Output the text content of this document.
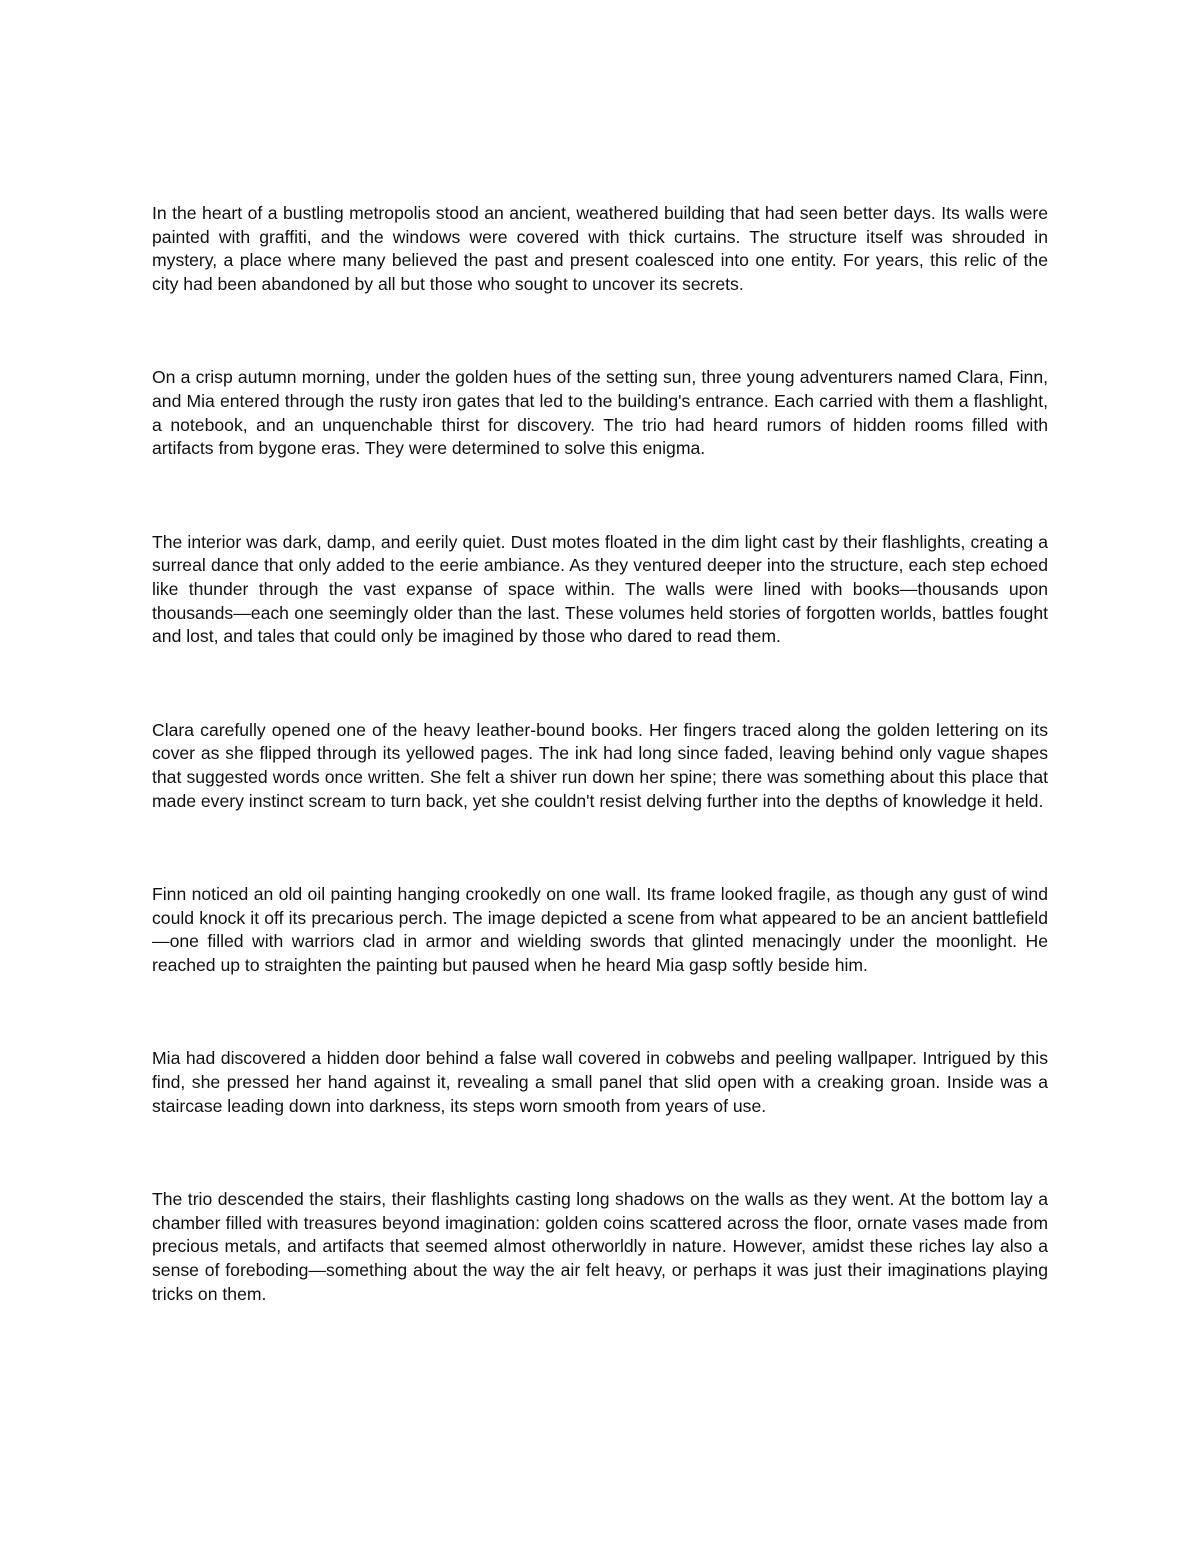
In the heart of a bustling metropolis stood an ancient, weathered building that had seen better days. Its walls were painted with graffiti, and the windows were covered with thick curtains. The structure itself was shrouded in mystery, a place where many believed the past and present coalesced into one entity. For years, this relic of the city had been abandoned by all but those who sought to uncover its secrets.

On a crisp autumn morning, under the golden hues of the setting sun, three young adventurers named Clara, Finn, and Mia entered through the rusty iron gates that led to the building's entrance. Each carried with them a flashlight, a notebook, and an unquenchable thirst for discovery. The trio had heard rumors of hidden rooms filled with artifacts from bygone eras. They were determined to solve this enigma.

The interior was dark, damp, and eerily quiet. Dust motes floated in the dim light cast by their flashlights, creating a surreal dance that only added to the eerie ambiance. As they ventured deeper into the structure, each step echoed like thunder through the vast expanse of space within. The walls were lined with books—thousands upon thousands—each one seemingly older than the last. These volumes held stories of forgotten worlds, battles fought and lost, and tales that could only be imagined by those who dared to read them.

Clara carefully opened one of the heavy leather-bound books. Her fingers traced along the golden lettering on its cover as she flipped through its yellowed pages. The ink had long since faded, leaving behind only vague shapes that suggested words once written. She felt a shiver run down her spine; there was something about this place that made every instinct scream to turn back, yet she couldn't resist delving further into the depths of knowledge it held.

Finn noticed an old oil painting hanging crookedly on one wall. Its frame looked fragile, as though any gust of wind could knock it off its precarious perch. The image depicted a scene from what appeared to be an ancient battlefield—one filled with warriors clad in armor and wielding swords that glinted menacingly under the moonlight. He reached up to straighten the painting but paused when he heard Mia gasp softly beside him.

Mia had discovered a hidden door behind a false wall covered in cobwebs and peeling wallpaper. Intrigued by this find, she pressed her hand against it, revealing a small panel that slid open with a creaking groan. Inside was a staircase leading down into darkness, its steps worn smooth from years of use.

The trio descended the stairs, their flashlights casting long shadows on the walls as they went. At the bottom lay a chamber filled with treasures beyond imagination: golden coins scattered across the floor, ornate vases made from precious metals, and artifacts that seemed almost otherworldly in nature. However, amidst these riches lay also a sense of foreboding—something about the way the air felt heavy, or perhaps it was just their imaginations playing tricks on them.
